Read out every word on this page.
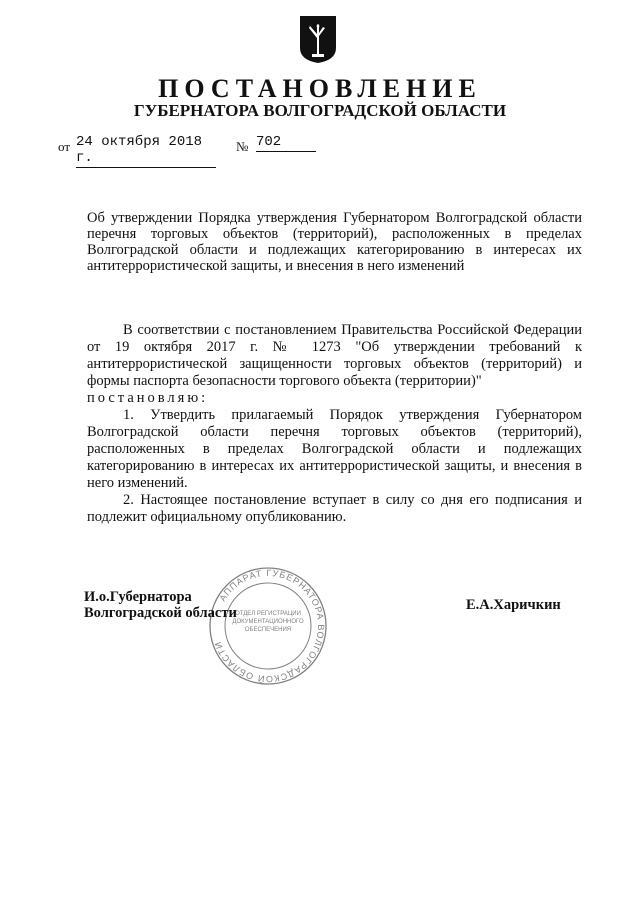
ПОСТАНОВЛЕНИЕ
ГУБЕРНАТОРА ВОЛГОГРАДСКОЙ ОБЛАСТИ
от 24 октября 2018 г.
№ 702

Об утверждении Порядка утверждения Губернатором Волгоградской области перечня торговых объектов (территорий), расположенных в пределах Волгоградской области и подлежащих категорированию в интересах их антитеррористической защиты, и внесения в него изменений

В соответствии с постановлением Правительства Российской Федерации от 19 октября 2017 г. № 1273 "Об утверждении требований к антитеррористической защищенности торговых объектов (территорий) и формы паспорта безопасности торгового объекта (территории)"

постановляю:

1. Утвердить прилагаемый Порядок утверждения Губернатором Волгоградской области перечня торговых объектов (территорий), расположенных в пределах Волгоградской области и подлежащих категорированию в интересах их антитеррористической защиты, и внесения в него изменений.

2. Настоящее постановление вступает в силу со дня его подписания и подлежит официальному опубликованию.

АППАРАТ ГУБЕРНАТОРА ВОЛГОГРАДСКОЙ ОБЛАСТИ
ОТДЕЛ РЕГИСТРАЦИИ ДОКУМЕНТАЦИОННОГО ОБЕСПЕЧЕНИЯ
И.о.Губернатора
Волгоградской области	Е.А.Харичкин
